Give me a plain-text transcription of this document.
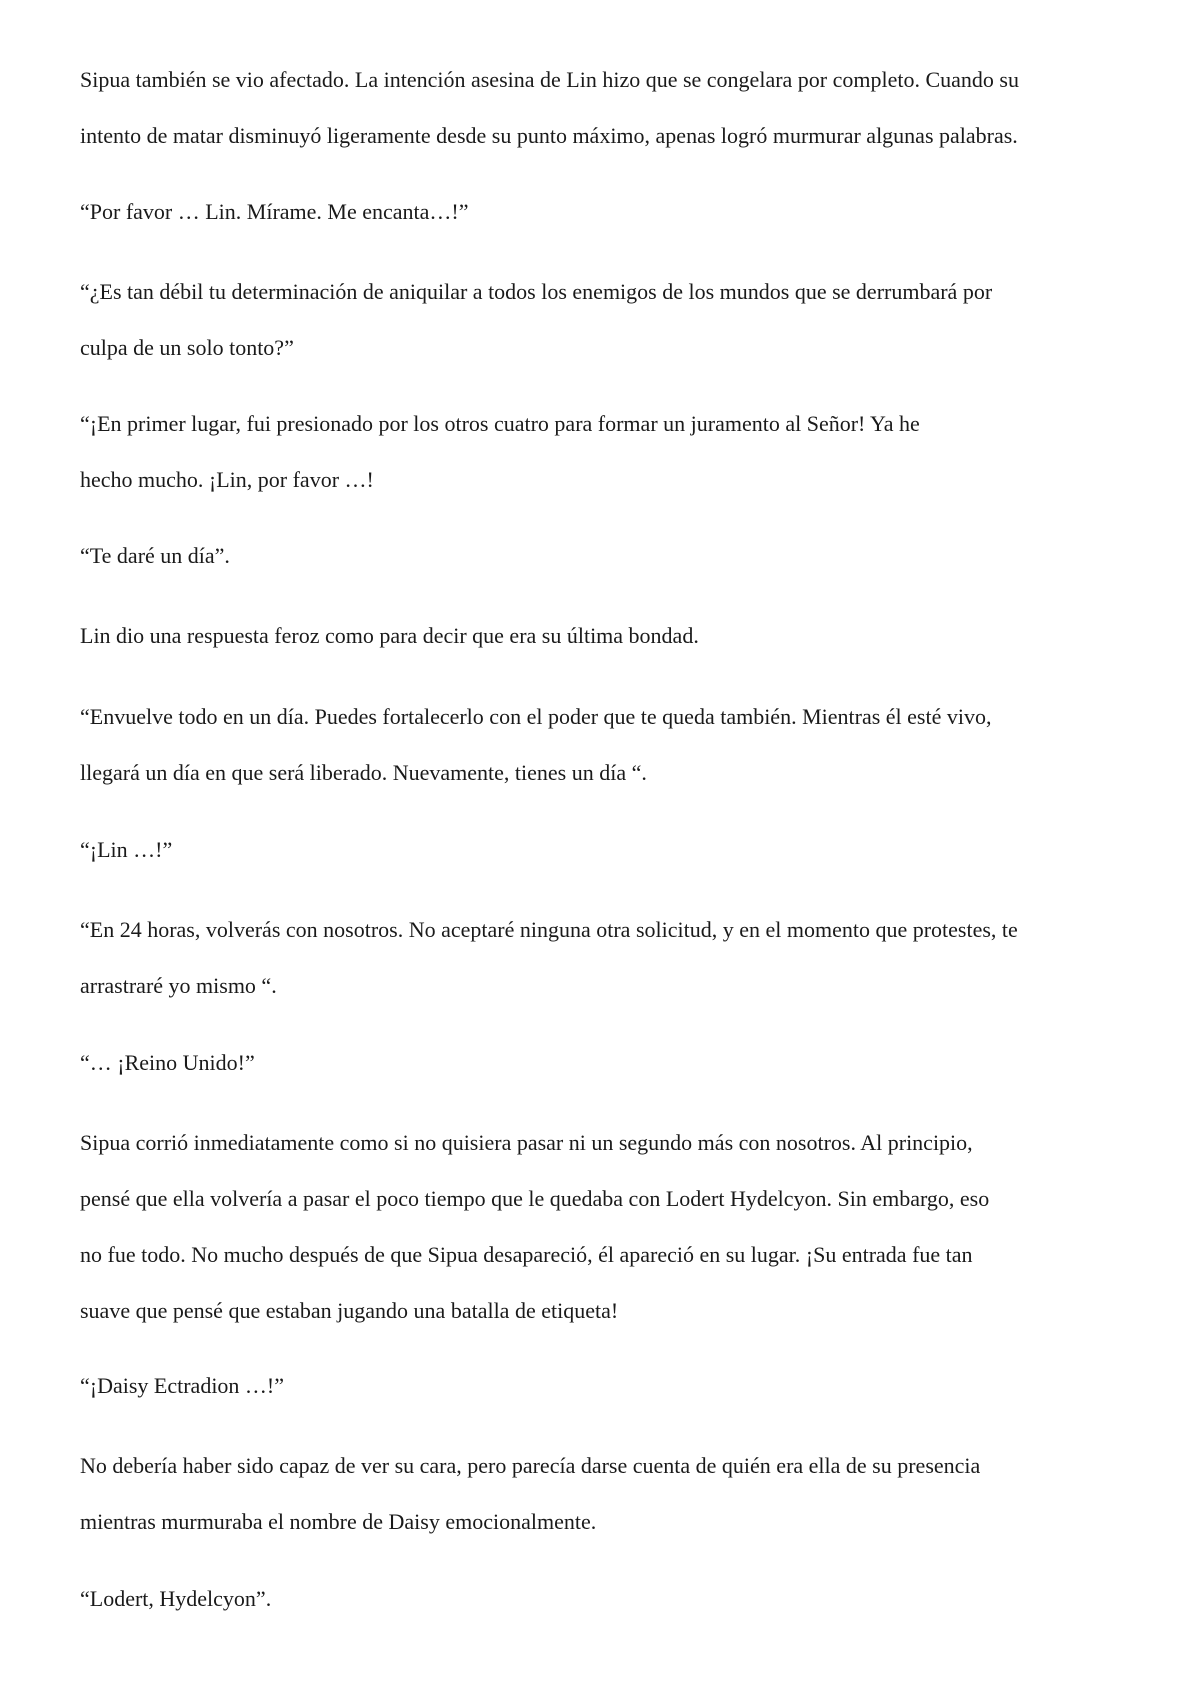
Sipua también se vio afectado. La intención asesina de Lin hizo que se congelara por completo. Cuando su
intento de matar disminuyó ligeramente desde su punto máximo, apenas logró murmurar algunas palabras.

“Por favor … Lin. Mírame. Me encanta…!”

“¿Es tan débil tu determinación de aniquilar a todos los enemigos de los mundos que se derrumbará por
culpa de un solo tonto?”

“¡En primer lugar, fui presionado por los otros cuatro para formar un juramento al Señor! Ya he
hecho mucho. ¡Lin, por favor …!

“Te daré un día”.

Lin dio una respuesta feroz como para decir que era su última bondad.

“Envuelve todo en un día. Puedes fortalecerlo con el poder que te queda también. Mientras él esté vivo,
llegará un día en que será liberado. Nuevamente, tienes un día “.

“¡Lin …!”

“En 24 horas, volverás con nosotros. No aceptaré ninguna otra solicitud, y en el momento que protestes, te
arrastraré yo mismo “.

“… ¡Reino Unido!”

Sipua corrió inmediatamente como si no quisiera pasar ni un segundo más con nosotros. Al principio,
pensé que ella volvería a pasar el poco tiempo que le quedaba con Lodert Hydelcyon. Sin embargo, eso
no fue todo. No mucho después de que Sipua desapareció, él apareció en su lugar. ¡Su entrada fue tan
suave que pensé que estaban jugando una batalla de etiqueta!

“¡Daisy Ectradion …!”

No debería haber sido capaz de ver su cara, pero parecía darse cuenta de quién era ella de su presencia
mientras murmuraba el nombre de Daisy emocionalmente.

“Lodert, Hydelcyon”.
